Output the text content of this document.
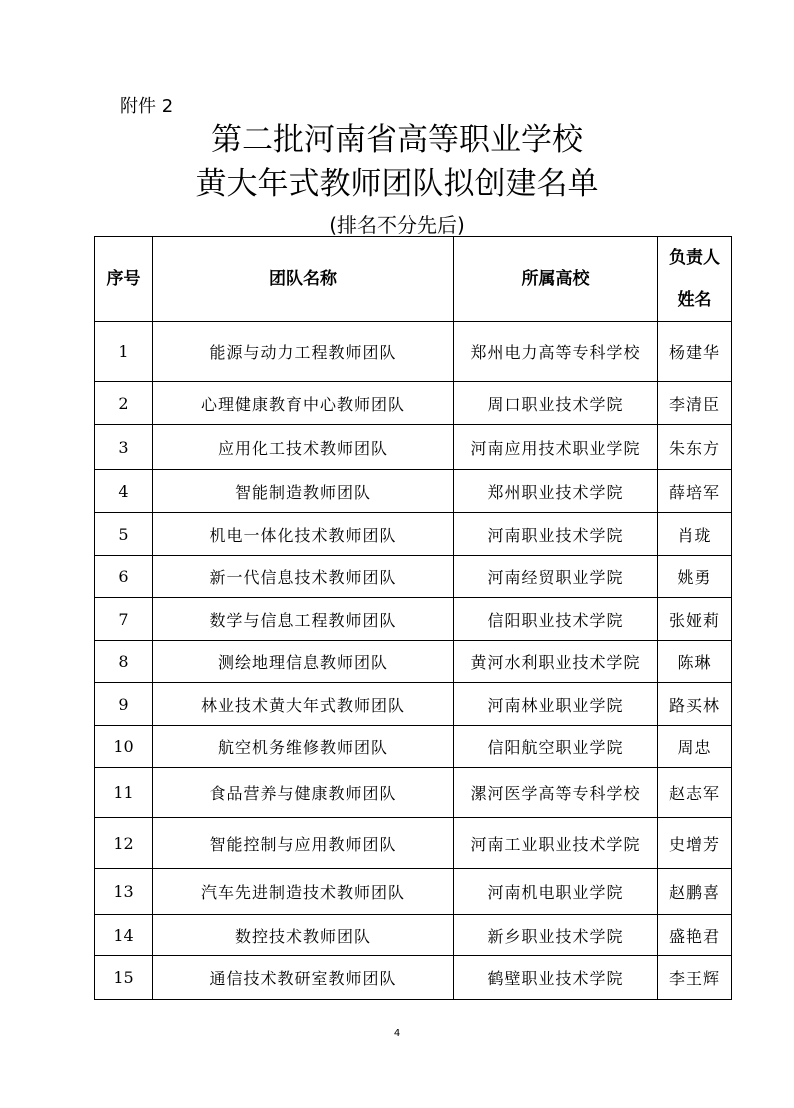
附件 2
第二批河南省高等职业学校
黄大年式教师团队拟创建名单
(排名不分先后)
序号	团队名称	所属高校	负责人
姓名

1	能源与动力工程教师团队	郑州电力高等专科学校	杨建华
2	心理健康教育中心教师团队	周口职业技术学院	李清臣
3	应用化工技术教师团队	河南应用技术职业学院	朱东方
4	智能制造教师团队	郑州职业技术学院	薛培军
5	机电一体化技术教师团队	河南职业技术学院	肖珑
6	新一代信息技术教师团队	河南经贸职业学院	姚勇
7	数学与信息工程教师团队	信阳职业技术学院	张娅莉
8	测绘地理信息教师团队	黄河水利职业技术学院	陈琳
9	林业技术黄大年式教师团队	河南林业职业学院	路买林
10	航空机务维修教师团队	信阳航空职业学院	周忠
11	食品营养与健康教师团队	漯河医学高等专科学校	赵志军
12	智能控制与应用教师团队	河南工业职业技术学院	史增芳
13	汽车先进制造技术教师团队	河南机电职业学院	赵鹏喜
14	数控技术教师团队	新乡职业技术学院	盛艳君
15	通信技术教研室教师团队	鹤壁职业技术学院	李王辉
4
